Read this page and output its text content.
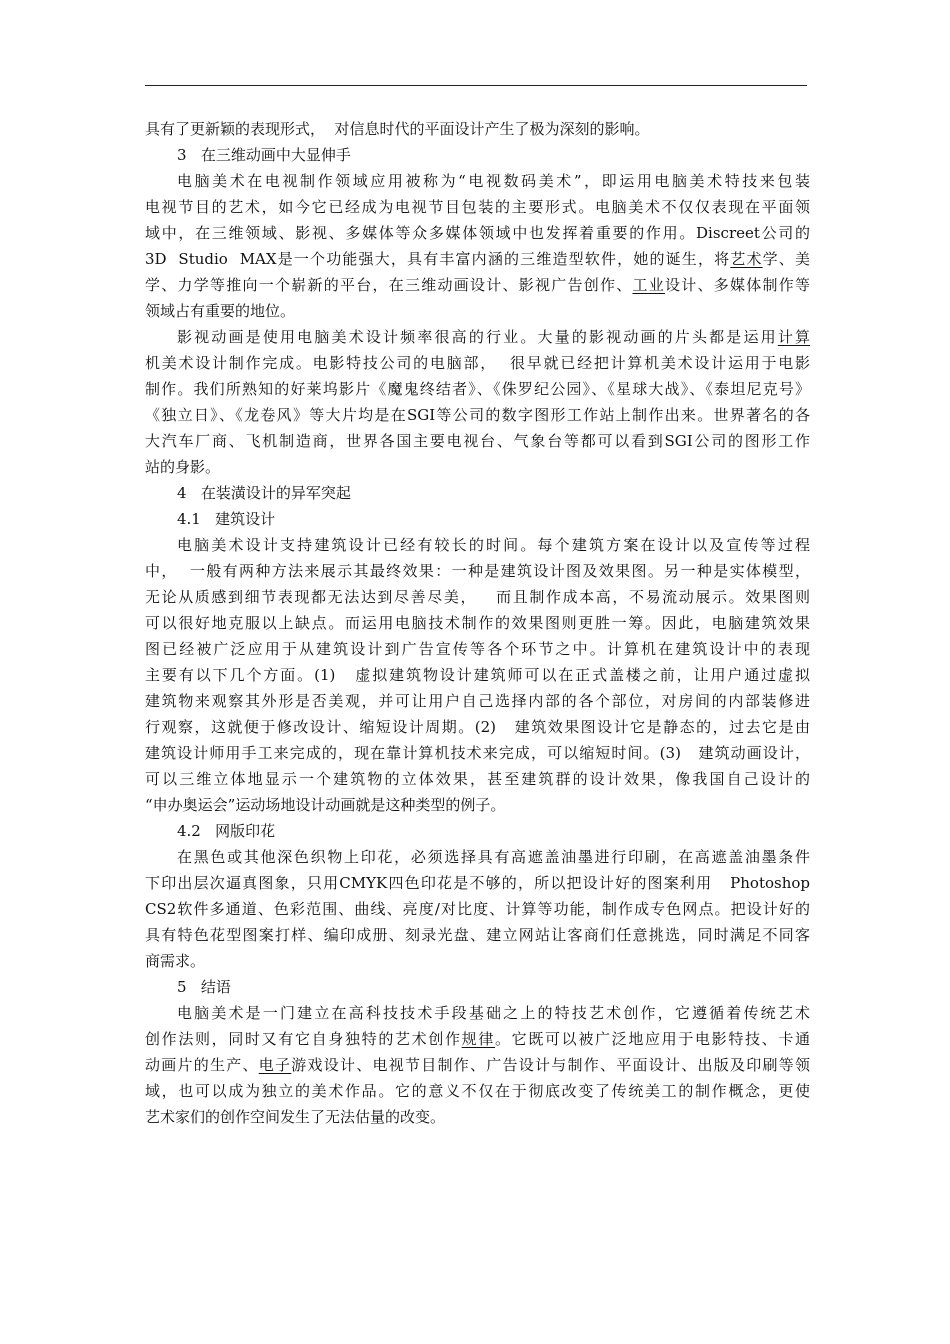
具有了更新颖的表现形式，  对信息时代的平面设计产生了极为深刻的影响。
3   在三维动画中大显伸手
电脑美术在电视制作领域应用被称为“电视数码美术”，即运用电脑美术特技来包装
电视节目的艺术，如今它已经成为电视节目包装的主要形式。电脑美术不仅仅表现在平面领
域中，在三维领域、影视、多媒体等众多媒体领域中也发挥着重要的作用。Discreet公司的
3D  Studio  MAX是一个功能强大，具有丰富内涵的三维造型软件，她的诞生，将艺术学、美
学、力学等推向一个崭新的平台，在三维动画设计、影视广告创作、工业设计、多媒体制作等
领域占有重要的地位。
影视动画是使用电脑美术设计频率很高的行业。大量的影视动画的片头都是运用计算
机美术设计制作完成。电影特技公司的电脑部，  很早就已经把计算机美术设计运用于电影
制作。我们所熟知的好莱坞影片《魔鬼终结者》、《侏罗纪公园》、《星球大战》、《泰坦尼克号》
《独立日》、《龙卷风》等大片均是在SGI等公司的数字图形工作站上制作出来。世界著名的各
大汽车厂商、飞机制造商，世界各国主要电视台、气象台等都可以看到SGI公司的图形工作
站的身影。
4   在装潢设计的异军突起
4.1   建筑设计
电脑美术设计支持建筑设计已经有较长的时间。每个建筑方案在设计以及宣传等过程
中，  一般有两种方法来展示其最终效果：一种是建筑设计图及效果图。另一种是实体模型，
无论从质感到细节表现都无法达到尽善尽美，   而且制作成本高，不易流动展示。效果图则
可以很好地克服以上缺点。而运用电脑技术制作的效果图则更胜一筹。因此，电脑建筑效果
图已经被广泛应用于从建筑设计到广告宣传等各个环节之中。计算机在建筑设计中的表现
主要有以下几个方面。(1)   虚拟建筑物设计建筑师可以在正式盖楼之前，让用户通过虚拟
建筑物来观察其外形是否美观，并可让用户自己选择内部的各个部位，对房间的内部装修进
行观察，这就便于修改设计、缩短设计周期。(2)   建筑效果图设计它是静态的，过去它是由
建筑设计师用手工来完成的，现在靠计算机技术来完成，可以缩短时间。(3)   建筑动画设计，
可以三维立体地显示一个建筑物的立体效果，甚至建筑群的设计效果，像我国自己设计的
“申办奥运会”运动场地设计动画就是这种类型的例子。
4.2   网版印花
在黑色或其他深色织物上印花，必须选择具有高遮盖油墨进行印刷，在高遮盖油墨条件
下印出层次逼真图象，只用CMYK四色印花是不够的，所以把设计好的图案利用   Photoshop
CS2软件多通道、色彩范围、曲线、亮度/对比度、计算等功能，制作成专色网点。把设计好的
具有特色花型图案打样、编印成册、刻录光盘、建立网站让客商们任意挑选，同时满足不同客
商需求。
5   结语
电脑美术是一门建立在高科技技术手段基础之上的特技艺术创作，它遵循着传统艺术
创作法则，同时又有它自身独特的艺术创作规律。它既可以被广泛地应用于电影特技、卡通
动画片的生产、电子游戏设计、电视节目制作、广告设计与制作、平面设计、出版及印刷等领
域，也可以成为独立的美术作品。它的意义不仅在于彻底改变了传统美工的制作概念，更使
艺术家们的创作空间发生了无法估量的改变。
